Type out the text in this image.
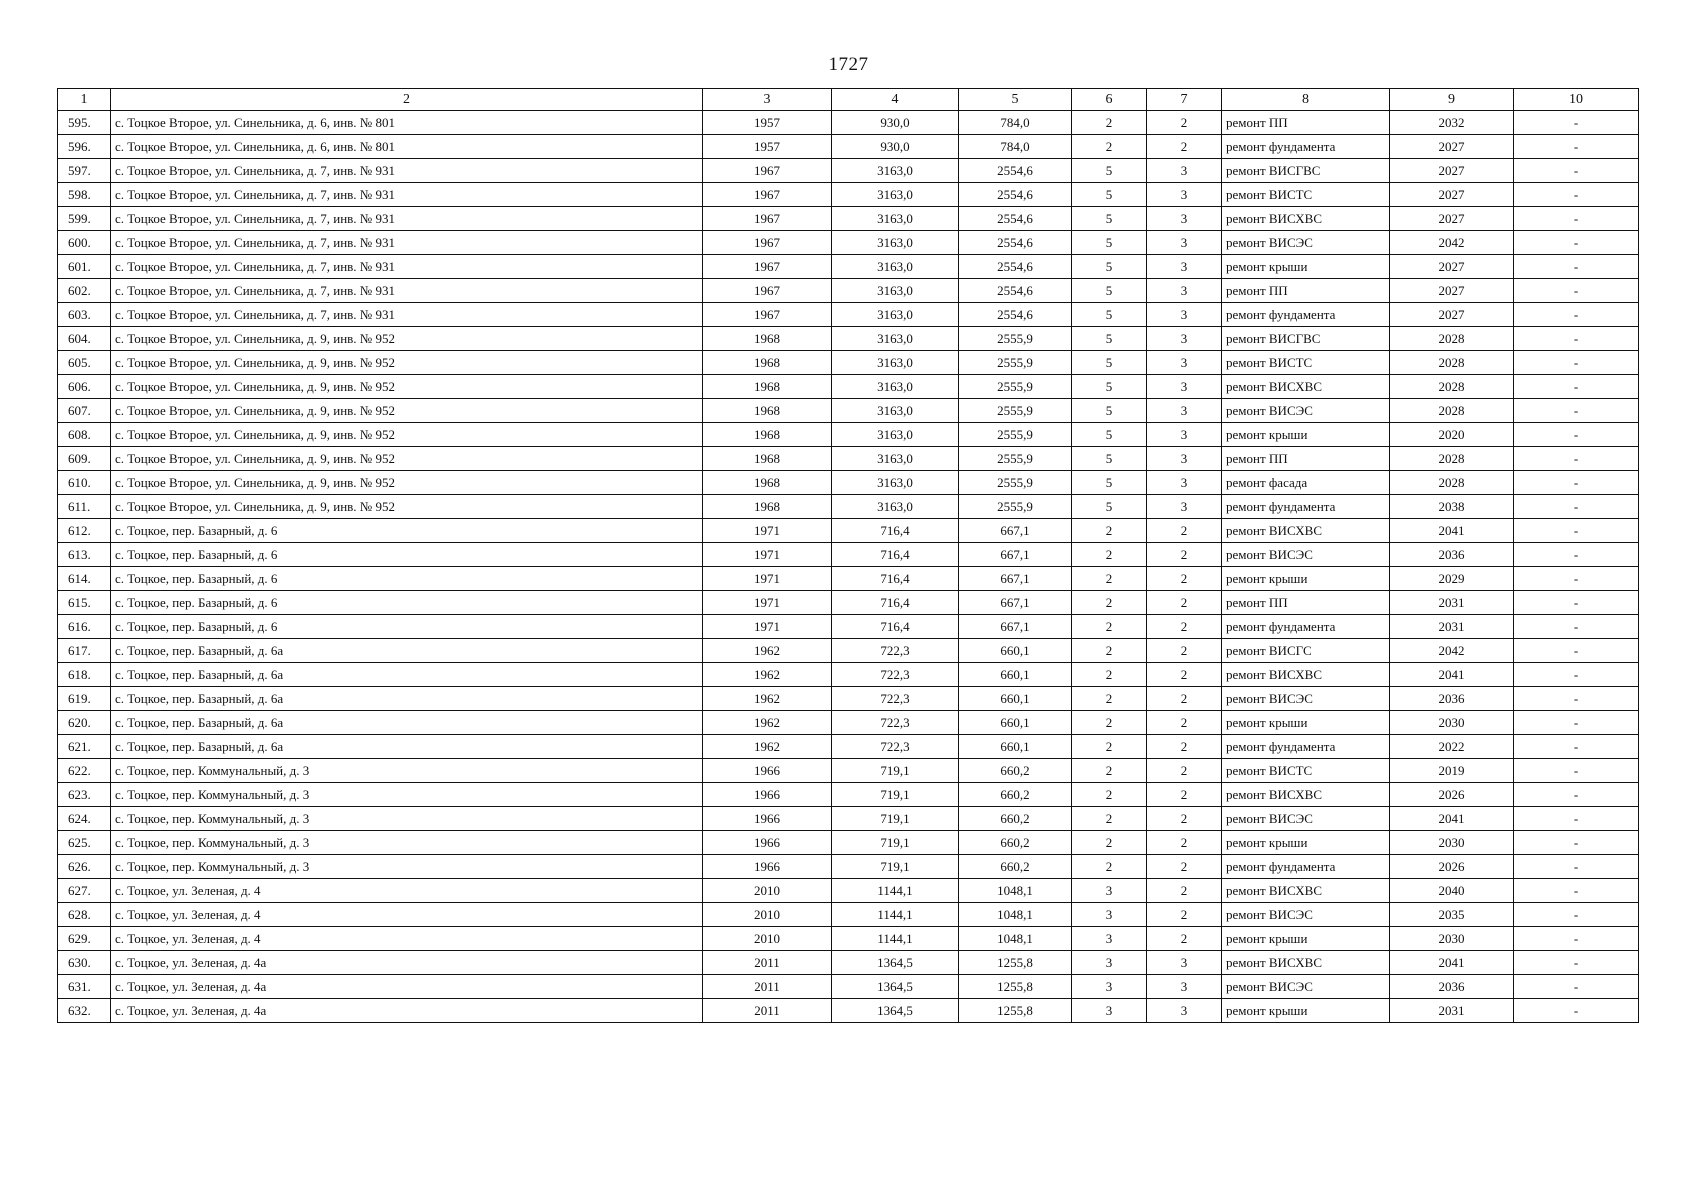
1727
1	2	3	4	5	6	7	8	9	10
595.	с. Тоцкое Второе, ул. Синельника, д. 6, инв. № 801	1957	930,0	784,0	2	2	ремонт ПП	2032	-
596.	с. Тоцкое Второе, ул. Синельника, д. 6, инв. № 801	1957	930,0	784,0	2	2	ремонт фундамента	2027	-
597.	с. Тоцкое Второе, ул. Синельника, д. 7, инв. № 931	1967	3163,0	2554,6	5	3	ремонт ВИСГВС	2027	-
598.	с. Тоцкое Второе, ул. Синельника, д. 7, инв. № 931	1967	3163,0	2554,6	5	3	ремонт ВИСТС	2027	-
599.	с. Тоцкое Второе, ул. Синельника, д. 7, инв. № 931	1967	3163,0	2554,6	5	3	ремонт ВИСХВС	2027	-
600.	с. Тоцкое Второе, ул. Синельника, д. 7, инв. № 931	1967	3163,0	2554,6	5	3	ремонт ВИСЭС	2042	-
601.	с. Тоцкое Второе, ул. Синельника, д. 7, инв. № 931	1967	3163,0	2554,6	5	3	ремонт крыши	2027	-
602.	с. Тоцкое Второе, ул. Синельника, д. 7, инв. № 931	1967	3163,0	2554,6	5	3	ремонт ПП	2027	-
603.	с. Тоцкое Второе, ул. Синельника, д. 7, инв. № 931	1967	3163,0	2554,6	5	3	ремонт фундамента	2027	-
604.	с. Тоцкое Второе, ул. Синельника, д. 9, инв. № 952	1968	3163,0	2555,9	5	3	ремонт ВИСГВС	2028	-
605.	с. Тоцкое Второе, ул. Синельника, д. 9, инв. № 952	1968	3163,0	2555,9	5	3	ремонт ВИСТС	2028	-
606.	с. Тоцкое Второе, ул. Синельника, д. 9, инв. № 952	1968	3163,0	2555,9	5	3	ремонт ВИСХВС	2028	-
607.	с. Тоцкое Второе, ул. Синельника, д. 9, инв. № 952	1968	3163,0	2555,9	5	3	ремонт ВИСЭС	2028	-
608.	с. Тоцкое Второе, ул. Синельника, д. 9, инв. № 952	1968	3163,0	2555,9	5	3	ремонт крыши	2020	-
609.	с. Тоцкое Второе, ул. Синельника, д. 9, инв. № 952	1968	3163,0	2555,9	5	3	ремонт ПП	2028	-
610.	с. Тоцкое Второе, ул. Синельника, д. 9, инв. № 952	1968	3163,0	2555,9	5	3	ремонт фасада	2028	-
611.	с. Тоцкое Второе, ул. Синельника, д. 9, инв. № 952	1968	3163,0	2555,9	5	3	ремонт фундамента	2038	-
612.	с. Тоцкое, пер. Базарный, д. 6	1971	716,4	667,1	2	2	ремонт ВИСХВС	2041	-
613.	с. Тоцкое, пер. Базарный, д. 6	1971	716,4	667,1	2	2	ремонт ВИСЭС	2036	-
614.	с. Тоцкое, пер. Базарный, д. 6	1971	716,4	667,1	2	2	ремонт крыши	2029	-
615.	с. Тоцкое, пер. Базарный, д. 6	1971	716,4	667,1	2	2	ремонт ПП	2031	-
616.	с. Тоцкое, пер. Базарный, д. 6	1971	716,4	667,1	2	2	ремонт фундамента	2031	-
617.	с. Тоцкое, пер. Базарный, д. 6а	1962	722,3	660,1	2	2	ремонт ВИСГС	2042	-
618.	с. Тоцкое, пер. Базарный, д. 6а	1962	722,3	660,1	2	2	ремонт ВИСХВС	2041	-
619.	с. Тоцкое, пер. Базарный, д. 6а	1962	722,3	660,1	2	2	ремонт ВИСЭС	2036	-
620.	с. Тоцкое, пер. Базарный, д. 6а	1962	722,3	660,1	2	2	ремонт крыши	2030	-
621.	с. Тоцкое, пер. Базарный, д. 6а	1962	722,3	660,1	2	2	ремонт фундамента	2022	-
622.	с. Тоцкое, пер. Коммунальный, д. 3	1966	719,1	660,2	2	2	ремонт ВИСТС	2019	-
623.	с. Тоцкое, пер. Коммунальный, д. 3	1966	719,1	660,2	2	2	ремонт ВИСХВС	2026	-
624.	с. Тоцкое, пер. Коммунальный, д. 3	1966	719,1	660,2	2	2	ремонт ВИСЭС	2041	-
625.	с. Тоцкое, пер. Коммунальный, д. 3	1966	719,1	660,2	2	2	ремонт крыши	2030	-
626.	с. Тоцкое, пер. Коммунальный, д. 3	1966	719,1	660,2	2	2	ремонт фундамента	2026	-
627.	с. Тоцкое, ул. Зеленая, д. 4	2010	1144,1	1048,1	3	2	ремонт ВИСХВС	2040	-
628.	с. Тоцкое, ул. Зеленая, д. 4	2010	1144,1	1048,1	3	2	ремонт ВИСЭС	2035	-
629.	с. Тоцкое, ул. Зеленая, д. 4	2010	1144,1	1048,1	3	2	ремонт крыши	2030	-
630.	с. Тоцкое, ул. Зеленая, д. 4а	2011	1364,5	1255,8	3	3	ремонт ВИСХВС	2041	-
631.	с. Тоцкое, ул. Зеленая, д. 4а	2011	1364,5	1255,8	3	3	ремонт ВИСЭС	2036	-
632.	с. Тоцкое, ул. Зеленая, д. 4а	2011	1364,5	1255,8	3	3	ремонт крыши	2031	-
